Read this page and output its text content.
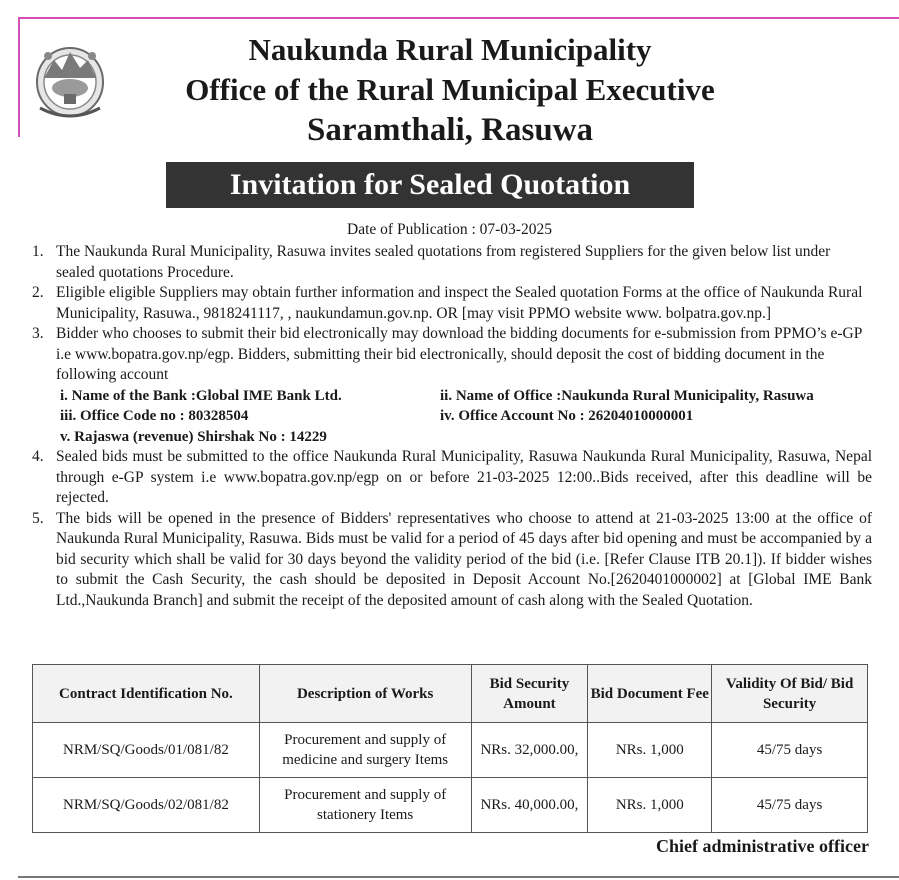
Naukunda Rural Municipality
Office of the Rural Municipal Executive
Saramthali, Rasuwa
Invitation for Sealed Quotation
Date of Publication : 07-03-2025
1. The Naukunda Rural Municipality, Rasuwa invites sealed quotations from registered Suppliers for the given below list under sealed quotations Procedure.
2. Eligible eligible Suppliers may obtain further information and inspect the Sealed quotation Forms at the office of Naukunda Rural Municipality, Rasuwa., 9818241117, , naukundamun.gov.np. OR [may visit PPMO website www. bolpatra.gov.np.]
3. Bidder who chooses to submit their bid electronically may download the bidding documents for e-submission from PPMO’s e-GP i.e www.bopatra.gov.np/egp. Bidders, submitting their bid electronically, should deposit the cost of bidding document in the following account
i. Name of the Bank :Global IME Bank Ltd.	ii. Name of Office :Naukunda Rural Municipality, Rasuwa
iii. Office Code no : 80328504	iv. Office Account No : 26204010000001
v. Rajaswa (revenue) Shirshak No : 14229
4. Sealed bids must be submitted to the office Naukunda Rural Municipality, Rasuwa Naukunda Rural Municipality, Rasuwa, Nepal through e-GP system i.e www.bopatra.gov.np/egp on or before 21-03-2025 12:00..Bids received, after this deadline will be rejected.
5. The bids will be opened in the presence of Bidders' representatives who choose to attend at 21-03-2025 13:00 at the office of Naukunda Rural Municipality, Rasuwa. Bids must be valid for a period of 45 days after bid opening and must be accompanied by a bid security which shall be valid for 30 days beyond the validity period of the bid (i.e. [Refer Clause ITB 20.1]). If bidder wishes to submit the Cash Security, the cash should be deposited in Deposit Account No.[2620401000002] at [Global IME Bank Ltd.,Naukunda Branch] and submit the receipt of the deposited amount of cash along with the Sealed Quotation.
Contract Identification No.	Description of Works	Bid Security Amount	Bid Document Fee	Validity Of Bid/ Bid Security
NRM/SQ/Goods/01/081/82	Procurement and supply of medicine and surgery Items	NRs. 32,000.00,	NRs. 1,000	45/75 days
NRM/SQ/Goods/02/081/82	Procurement and supply of stationery Items	NRs. 40,000.00,	NRs. 1,000	45/75 days
Chief administrative officer
